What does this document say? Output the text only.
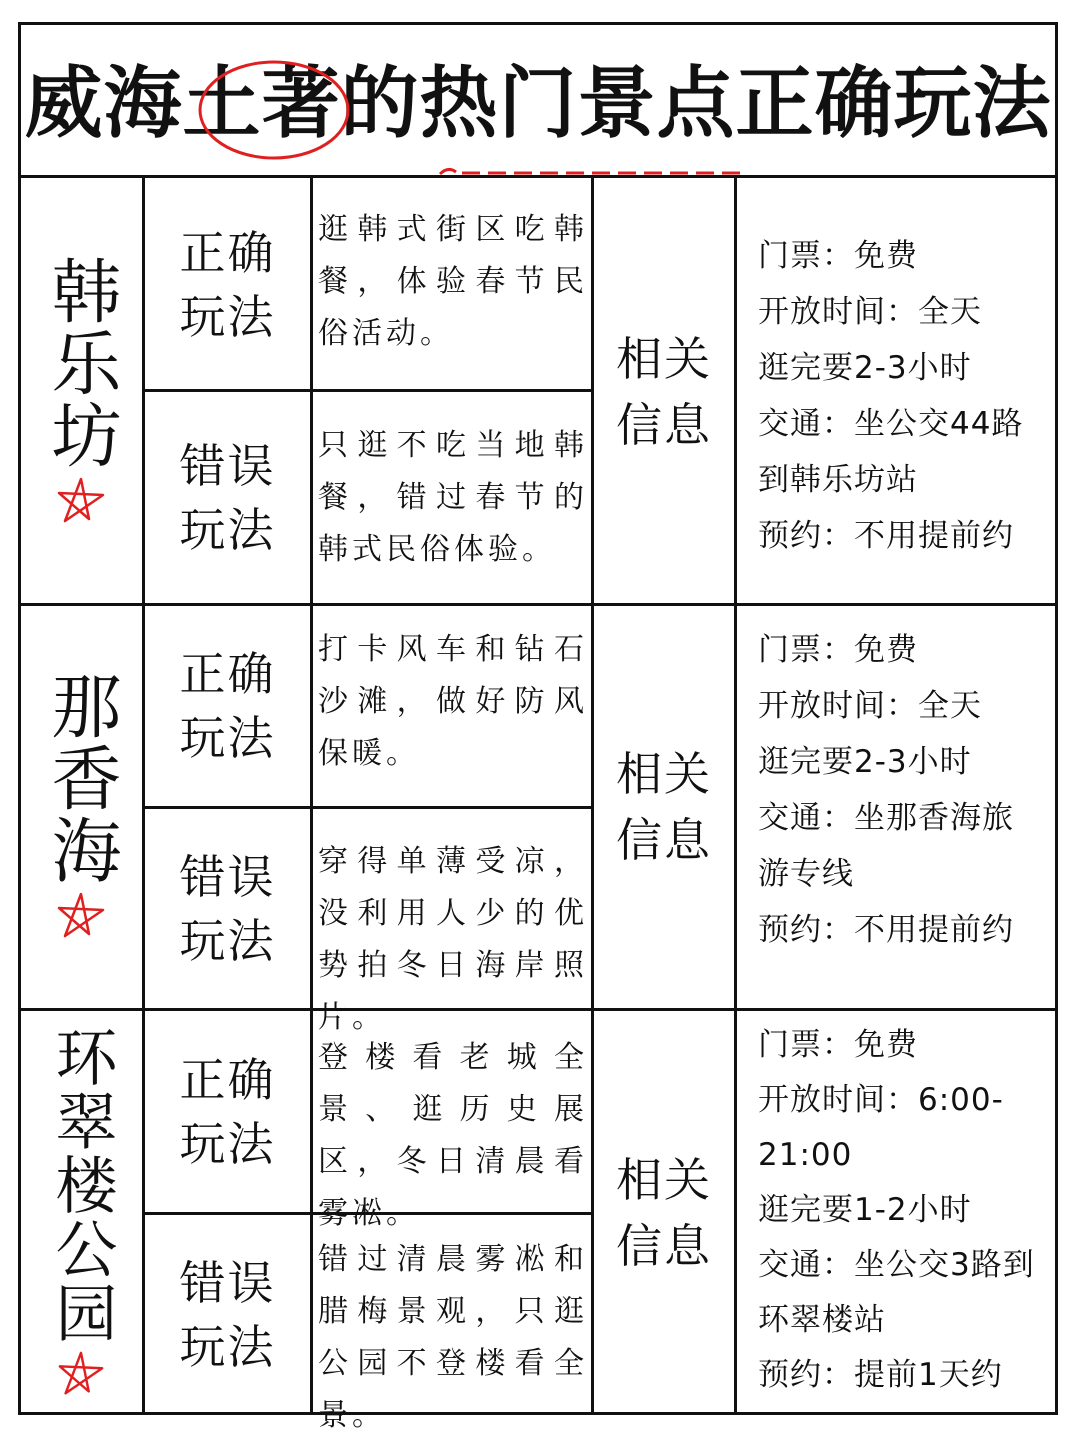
威海土著的热门景点正确玩法
韩乐坊
正确玩法
错误玩法
逛韩式街区吃韩餐，体验春节民俗活动。
只逛不吃当地韩餐，错过春节的韩式民俗体验。
相关信息
门票：免费
开放时间：全天
逛完要2-3小时
交通：坐公交44路到韩乐坊站
预约：不用提前约
那香海 正确玩法
错误玩法
打卡风车和钻石沙滩，做好防风保暖。
穿得单薄受凉，没利用人少的优势拍冬日海岸照片。
相关信息
门票：免费
开放时间：全天
逛完要2-3小时
交通：坐那香海旅游专线
预约：不用提前约
环翠楼公园 正确玩法
错误玩法
登楼看老城全景、逛历史展区，冬日清晨看雾凇。
错过清晨雾凇和腊梅景观，只逛公园不登楼看全景。
相关信息
门票：免费
开放时间：6:00-21:00
逛完要1-2小时
交通：坐公交3路到环翠楼站
预约：提前1天约
